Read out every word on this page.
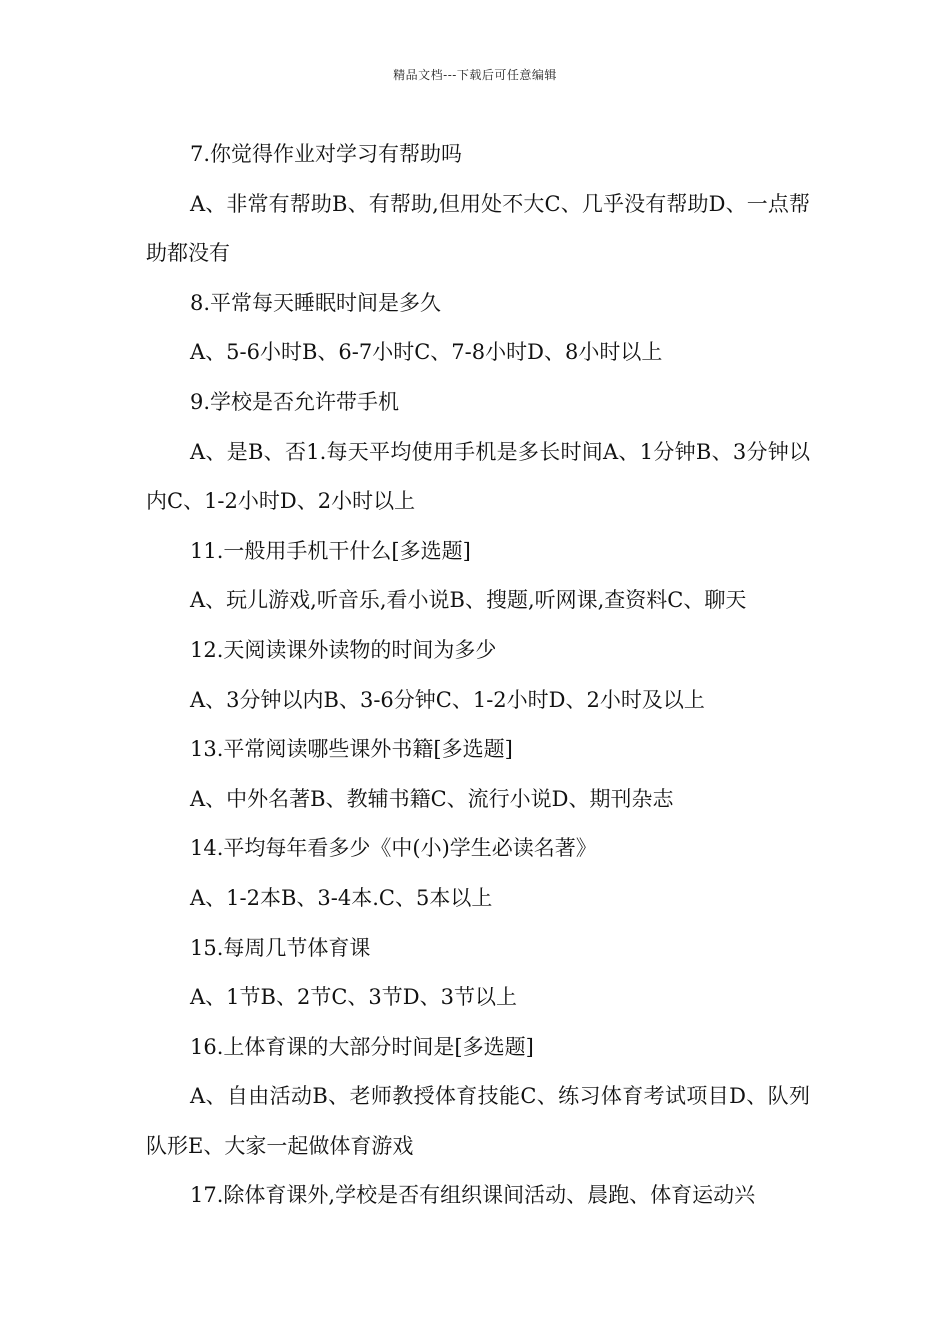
精品文档---下载后可任意编辑

7.你觉得作业对学习有帮助吗

A、非常有帮助B、有帮助,但用处不大C、几乎没有帮助D、一点帮助都没有

8.平常每天睡眠时间是多久

A、5-6小时B、6-7小时C、7-8小时D、8小时以上

9.学校是否允许带手机

A、是B、否1.每天平均使用手机是多长时间A、1分钟B、3分钟以内C、1-2小时D、2小时以上

11.一般用手机干什么[多选题]

A、玩儿游戏,听音乐,看小说B、搜题,听网课,查资料C、聊天

12.天阅读课外读物的时间为多少

A、3分钟以内B、3-6分钟C、1-2小时D、2小时及以上

13.平常阅读哪些课外书籍[多选题]

A、中外名著B、教辅书籍C、流行小说D、期刊杂志

14.平均每年看多少《中(小)学生必读名著》

A、1-2本B、3-4本.C、5本以上

15.每周几节体育课

A、1节B、2节C、3节D、3节以上

16.上体育课的大部分时间是[多选题]

A、自由活动B、老师教授体育技能C、练习体育考试项目D、队列队形E、大家一起做体育游戏

17.除体育课外,学校是否有组织课间活动、晨跑、体育运动兴
